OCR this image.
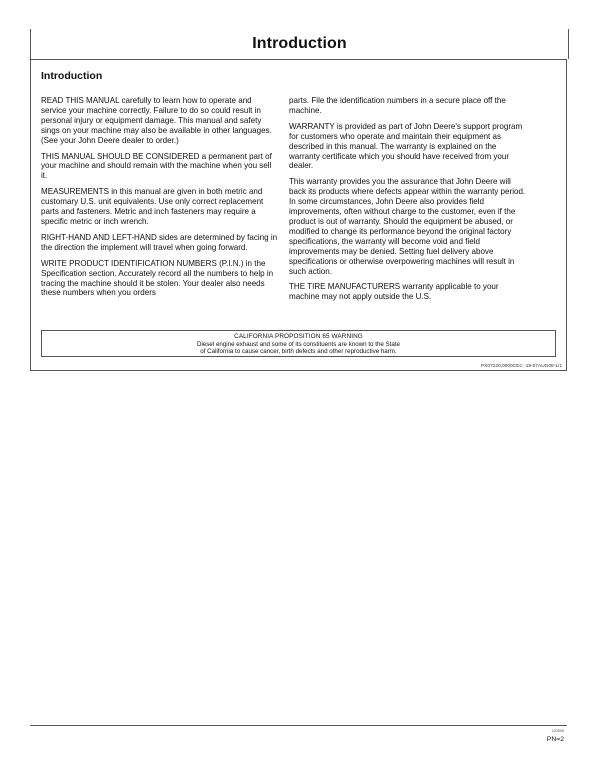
Introduction
Introduction

READ THIS MANUAL carefully to learn how to operate and service your machine correctly. Failure to do so could result in personal injury or equipment damage. This manual and safety sings on your machine may also be available in other languages. (See your John Deere dealer to order.)

THIS MANUAL SHOULD BE CONSIDERED a permanent part of your machine and should remain with the machine when you sell it.

MEASUREMENTS in this manual are given in both metric and customary U.S. unit equivalents. Use only correct replacement parts and fasteners. Metric and inch fasteners may require a specific metric or inch wrench.

RIGHT-HAND AND LEFT-HAND sides are determined by facing in the direction the implement will travel when going forward.

WRITE PRODUCT IDENTIFICATION NUMBERS (P.I.N.) in the Specification section. Accurately record all the numbers to help in tracing the machine should it be stolen. Your dealer also needs these numbers when you orders

parts. File the identification numbers in a secure place off the machine.

WARRANTY is provided as part of John Deere's support program for customers who operate and maintain their equipment as described in this manual. The warranty is explained on the warranty certificate which you should have received from your dealer.

This warranty provides you the assurance that John Deere will back its products where defects appear within the warranty period. In some circumstances, John Deere also provides field improvements, often without charge to the customer, even if the product is out of warranty. Should the equipment be abused, or modified to change its performance beyond the original factory specifications, the warranty will become void and field improvements may be denied. Setting fuel delivery above specifications or otherwise overpowering machines will result in such action.

THE TIRE MANUFACTURERS warranty applicable to your machine may not apply outside the U.S.

CALIFORNIA PROPOSITION 65 WARNING
Diesel engine exhaust and some of its constituents are known to the State
of California to cause cancer, birth defects and other reproductive harm.
PX07220,0000CEC -19-07AUG08-1/1
120608
PN=2
